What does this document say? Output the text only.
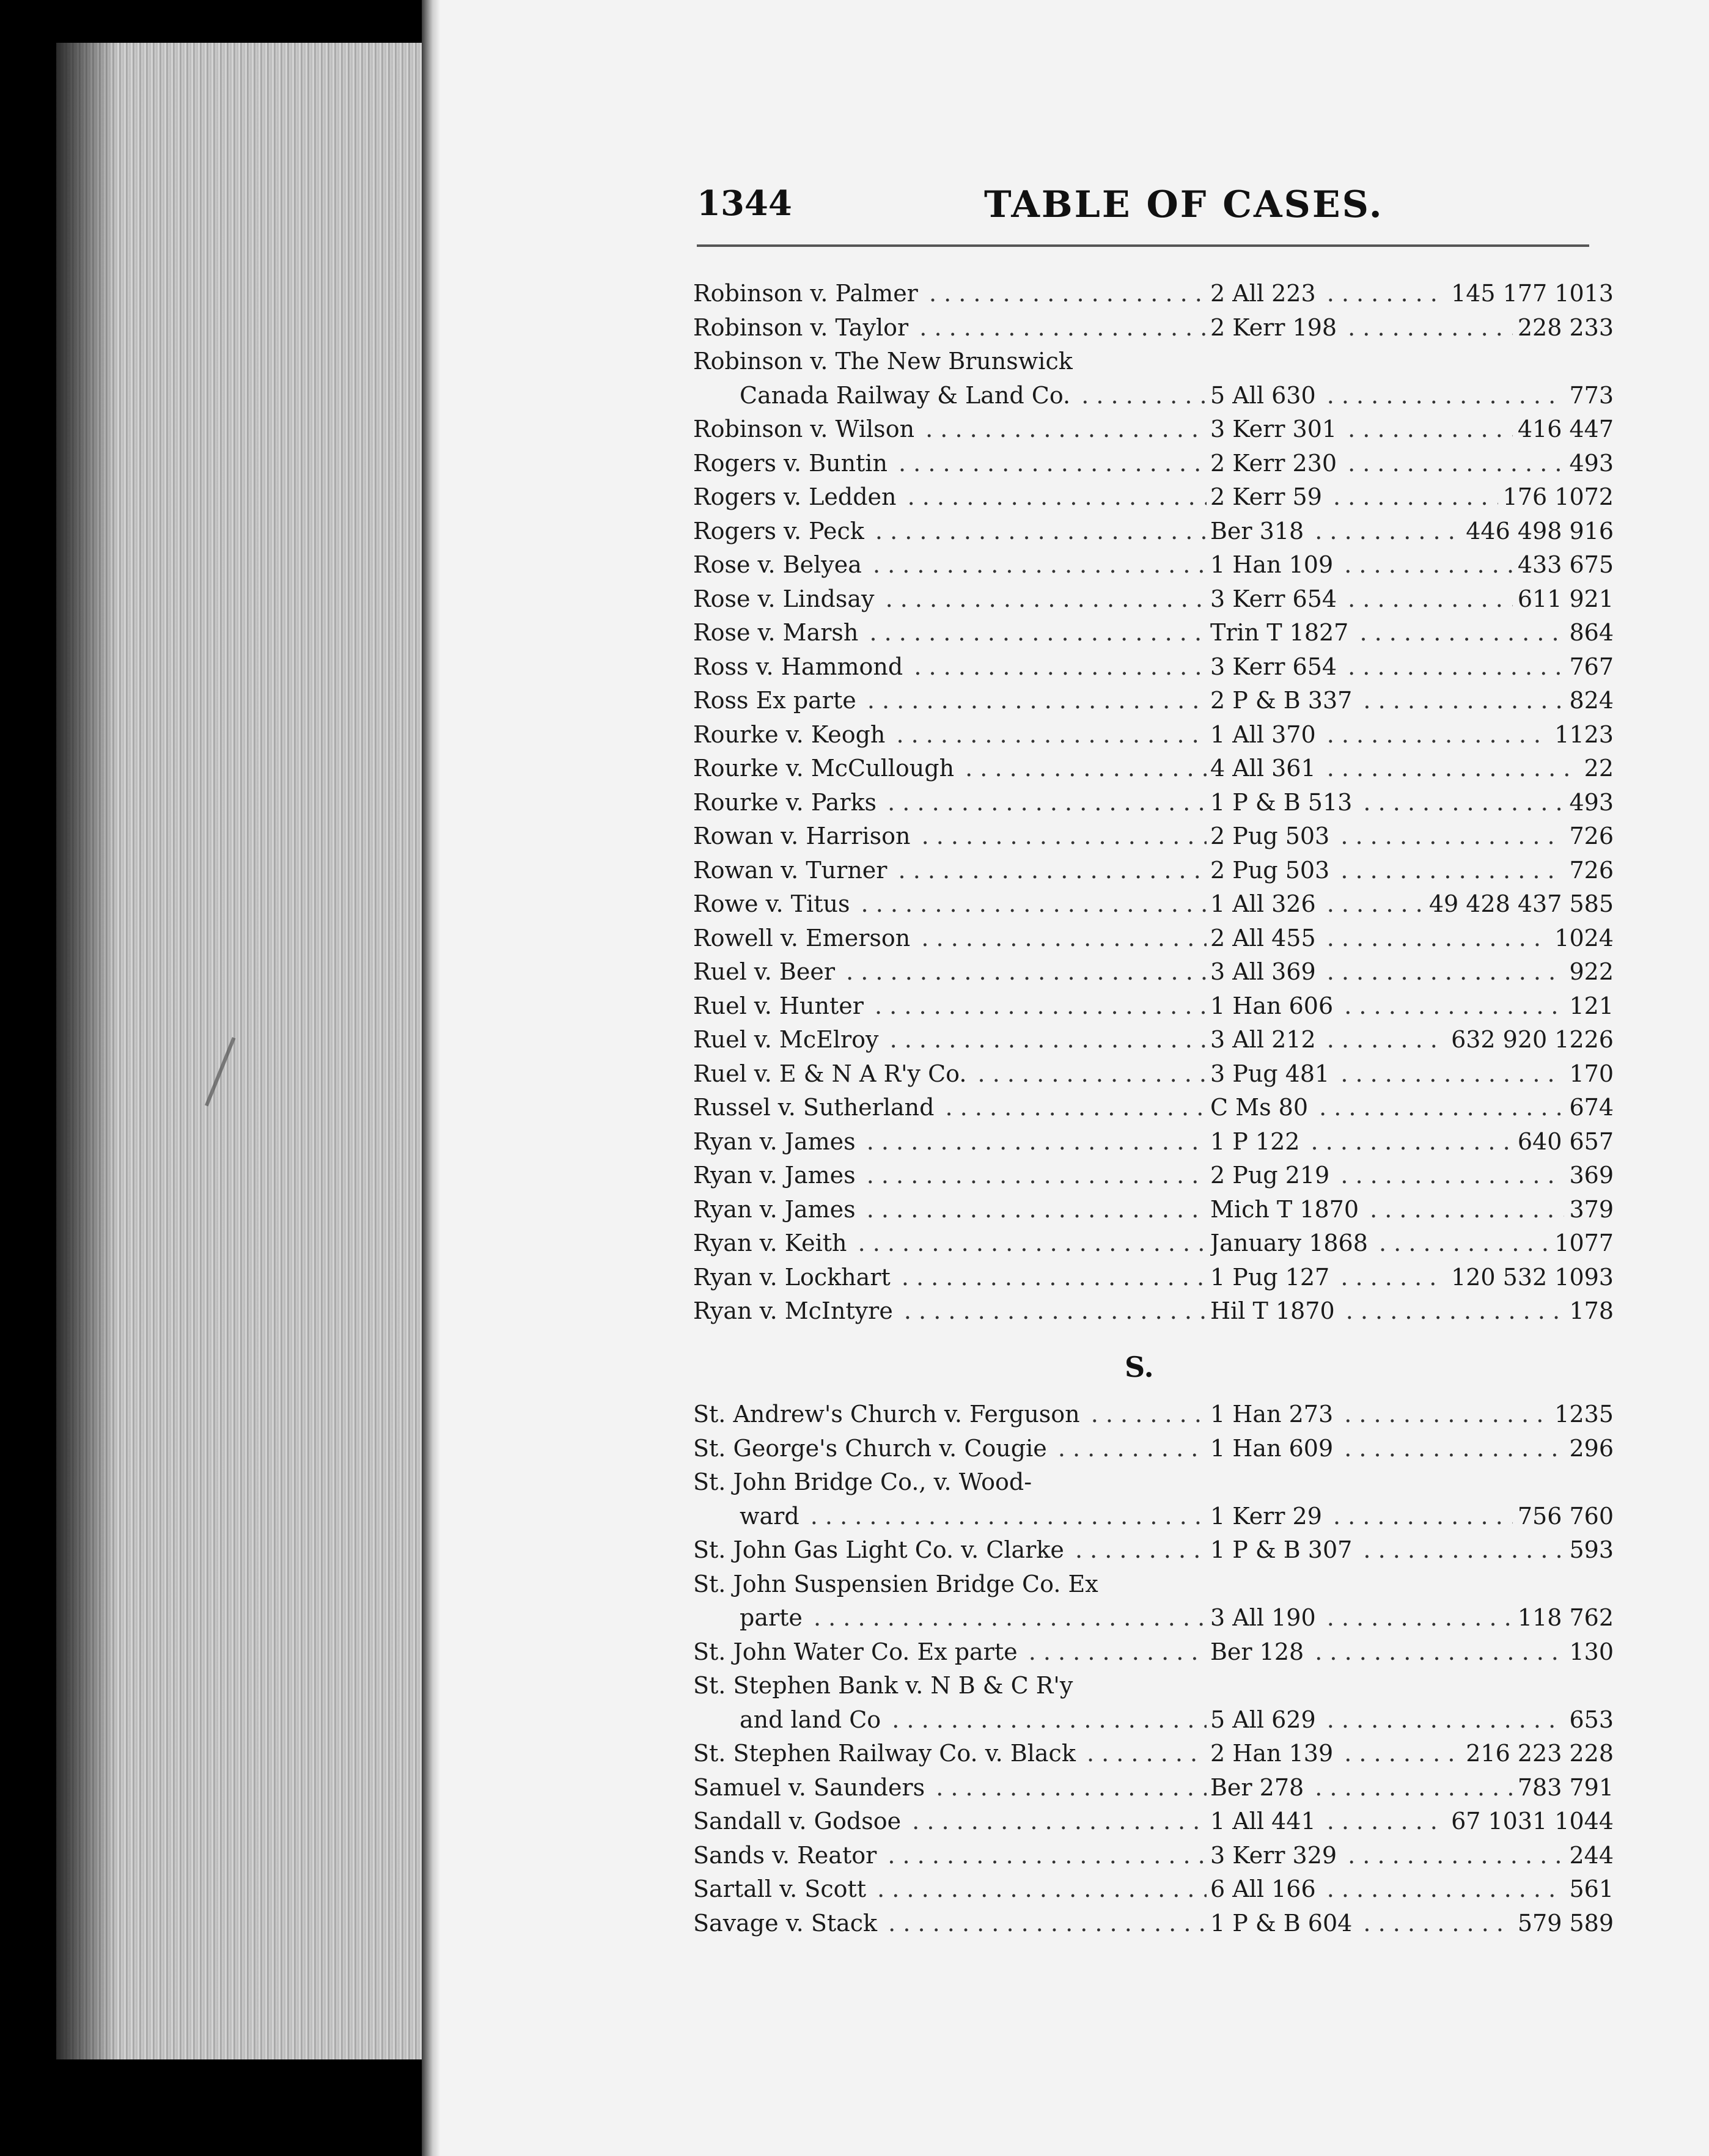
1344	TABLE OF CASES.
Robinson v. Palmer . . .	2 All 223 . . .	145 177 1013
Robinson v. Taylor . . .	2 Kerr 198 . . .	228 233
Robinson v. The New Brunswick
Canada Railway & Land Co. . . .	5 All 630 . . .	773
Robinson v. Wilson . . .	3 Kerr 301 . . .	416 447
Rogers v. Buntin . . .	2 Kerr 230 . . .	493
Rogers v. Ledden . . .	2 Kerr 59 . . .	176 1072
Rogers v. Peck . . .	Ber 318 . . .	446 498 916
Rose v. Belyea . . .	1 Han 109 . . .	433 675
Rose v. Lindsay . . .	3 Kerr 654 . . .	611 921
Rose v. Marsh . . .	Trin T 1827 . . .	864
Ross v. Hammond . . .	3 Kerr 654 . . .	767
Ross Ex parte . . .	2 P & B 337 . . .	824
Rourke v. Keogh . . .	1 All 370 . . .	1123
Rourke v. McCullough . . .	4 All 361 . . .	22
Rourke v. Parks . . .	1 P & B 513 . . .	493
Rowan v. Harrison . . .	2 Pug 503 . . .	726
Rowan v. Turner . . .	2 Pug 503 . . .	726
Rowe v. Titus . . .	1 All 326 . . .	49 428 437 585
Rowell v. Emerson . . .	2 All 455 . . .	1024
Ruel v. Beer . . .	3 All 369 . . .	922
Ruel v. Hunter . . .	1 Han 606 . . .	121
Ruel v. McElroy . . .	3 All 212 . . .	632 920 1226
Ruel v. E & N A R'y Co. . . .	3 Pug 481 . . .	170
Russel v. Sutherland . . .	C Ms 80 . . .	674
Ryan v. James . . .	1 P 122 . . .	640 657
Ryan v. James . . .	2 Pug 219 . . .	369
Ryan v. James . . .	Mich T 1870 . . .	379
Ryan v. Keith . . .	January 1868 . . .	1077
Ryan v. Lockhart . . .	1 Pug 127 . . .	120 532 1093
Ryan v. McIntyre . . .	Hil T 1870 . . .	178
S.
St. Andrew's Church v. Ferguson . . .	1 Han 273 . . .	1235
St. George's Church v. Cougie . . .	1 Han 609 . . .	296
St. John Bridge Co., v. Wood-
ward . . .	1 Kerr 29 . . .	756 760
St. John Gas Light Co. v. Clarke . . .	1 P & B 307 . . .	593
St. John Suspensien Bridge Co. Ex
parte . . .	3 All 190 . . .	118 762
St. John Water Co. Ex parte . . .	Ber 128 . . .	130
St. Stephen Bank v. N B & C R'y
and land Co . . .	5 All 629 . . .	653
St. Stephen Railway Co. v. Black . . .	2 Han 139 . . .	216 223 228
Samuel v. Saunders . . .	Ber 278 . . .	783 791
Sandall v. Godsoe . . .	1 All 441 . . .	67 1031 1044
Sands v. Reator . . .	3 Kerr 329 . . .	244
Sartall v. Scott . . .	6 All 166 . . .	561
Savage v. Stack . . .	1 P & B 604 . . .	579 589
